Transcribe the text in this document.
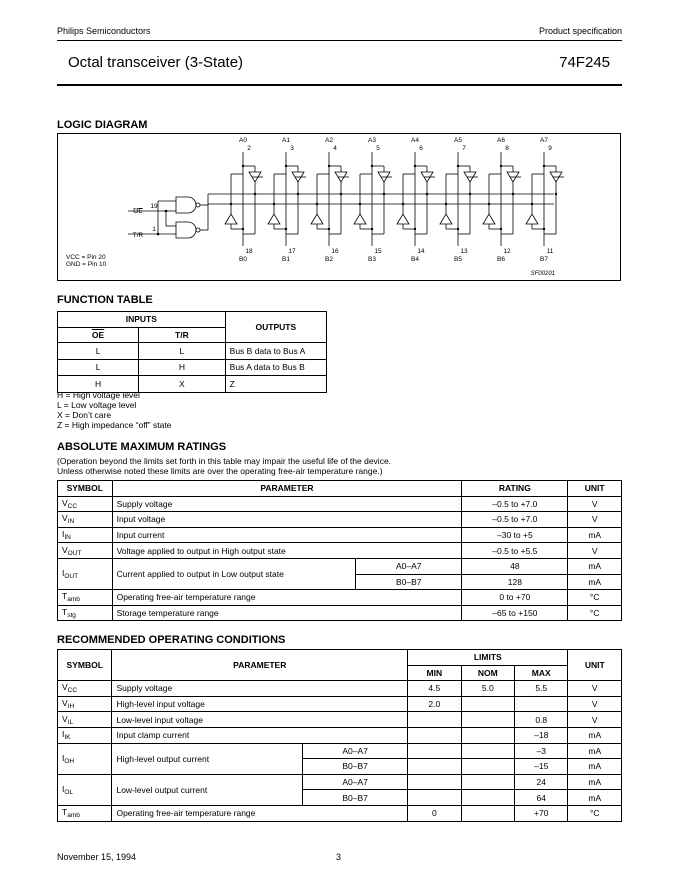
Philips Semiconductors	Product specification
Octal transceiver (3-State)	74F245
LOGIC DIAGRAM
OE
T/R
19
1
A0
2
18
B0
A1
3
17
B1
A2
4
16
B2
A3
5
15
B3
A4
6
14
B4
A5
7
13
B5
A6
8
12
B6
A7
9
11
B7
VCC = Pin 20
GND = Pin 10
SF00201
FUNCTION TABLE
INPUTS		OUTPUTS
$\overline{OE}$	T/R	
L	L	Bus B data to Bus A
L	H	Bus A data to Bus B
H	X	Z
H = High voltage level
L = Low voltage level
X = Don’t care
Z = High impedance “off” state
ABSOLUTE MAXIMUM RATINGS
(Operation beyond the limits set forth in this table may impair the useful life of the device.
Unless otherwise noted these limits are over the operating free-air temperature range.)
SYMBOL	PARAMETER		RATING	UNIT
$V_{CC}$	Supply voltage		–0.5 to +7.0	V
$V_{IN}$	Input voltage		–0.5 to +7.0	V
$I_{IN}$	Input current		–30 to +5	mA
$V_{OUT}$	Voltage applied to output in High output state		–0.5 to +5.5	V
$I_{OUT}$	Current applied to output in Low output state	A0–A7	48	mA
		B0–B7	128	mA
$T_{amb}$	Operating free-air temperature range		0 to +70	°C
$T_{stg}$	Storage temperature range		–65 to +150	°C
RECOMMENDED OPERATING CONDITIONS
SYMBOL	PARAMETER		LIMITS			UNIT
			MIN	NOM	MAX	
$V_{CC}$	Supply voltage		4.5	5.0	5.5	V
$V_{IH}$	High-level input voltage		2.0			V
$V_{IL}$	Low-level input voltage				0.8	V
$I_{IK}$	Input clamp current				–18	mA
$I_{OH}$	High-level output current	A0–A7			–3	mA
		B0–B7			–15	mA
$I_{OL}$	Low-level output current	A0–A7			24	mA
		B0–B7			64	mA
$T_{amb}$	Operating free-air temperature range		0		+70	°C
November 15, 1994	3
